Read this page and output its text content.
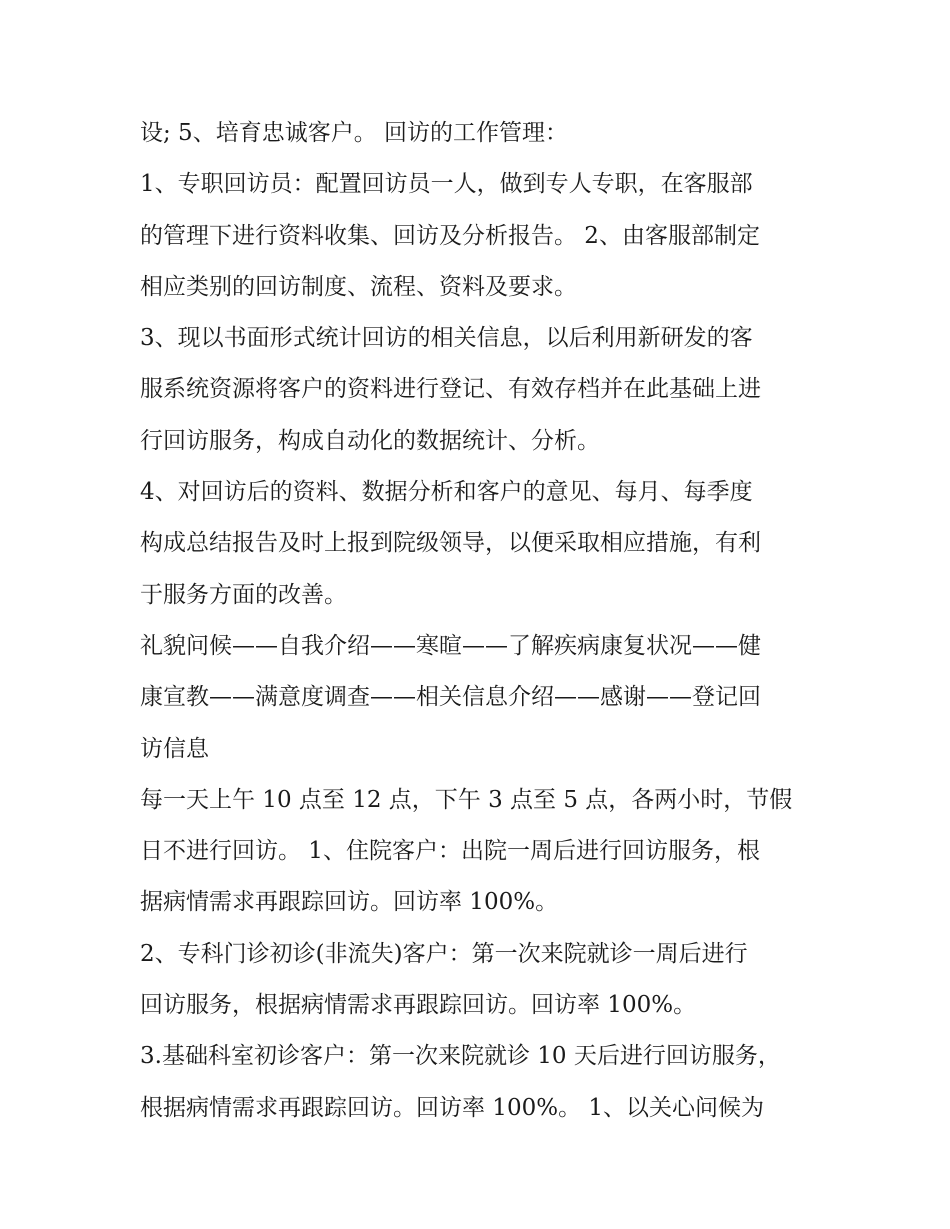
设; 5、培育忠诚客户。 回访的工作管理：
1、专职回访员：配置回访员一人，做到专人专职，在客服部
的管理下进行资料收集、回访及分析报告。 2、由客服部制定
相应类别的回访制度、流程、资料及要求。
3、现以书面形式统计回访的相关信息，以后利用新研发的客
服系统资源将客户的资料进行登记、有效存档并在此基础上进
行回访服务，构成自动化的数据统计、分析。
4、对回访后的资料、数据分析和客户的意见、每月、每季度
构成总结报告及时上报到院级领导，以便采取相应措施，有利
于服务方面的改善。
礼貌问候——自我介绍——寒暄——了解疾病康复状况——健
康宣教——满意度调查——相关信息介绍——感谢——登记回
访信息
每一天上午 10 点至 12 点，下午 3 点至 5 点，各两小时，节假
日不进行回访。 1、住院客户：出院一周后进行回访服务，根
据病情需求再跟踪回访。回访率 100%。
2、专科门诊初诊(非流失)客户：第一次来院就诊一周后进行
回访服务，根据病情需求再跟踪回访。回访率 100%。
3.基础科室初诊客户：第一次来院就诊 10 天后进行回访服务，
根据病情需求再跟踪回访。回访率 100%。 1、以关心问候为
